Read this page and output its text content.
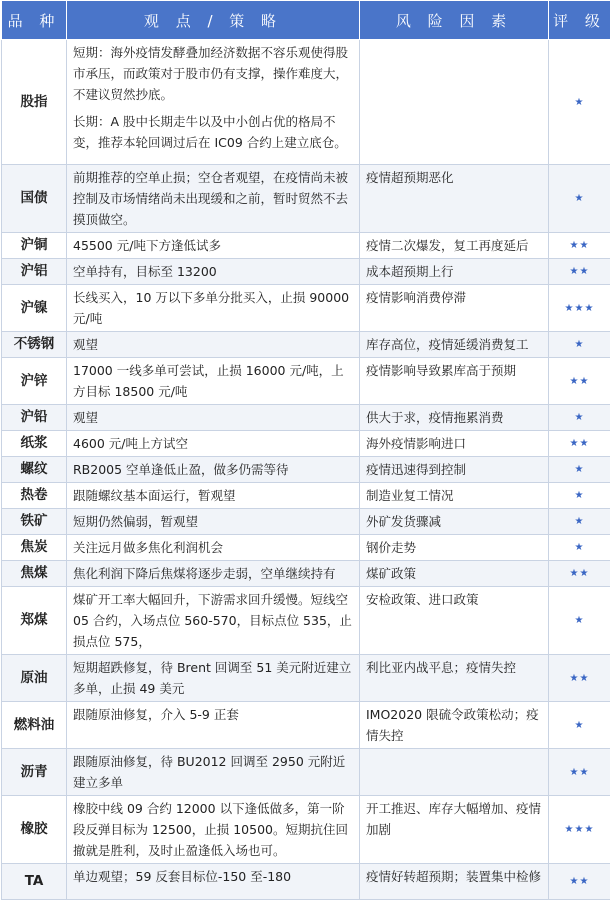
品 种	观 点 / 策 略	风 险 因 素	评 级
股指	短期：海外疫情发酵叠加经济数据不容乐观使得股市承压，而政策对于股市仍有支撑，操作难度大，不建议贸然抄底。

长期：A 股中长期走牛以及中小创占优的格局不变，推荐本轮回调过后在 IC09 合约上建立底仓。		★
国债	前期推荐的空单止损；空仓者观望，在疫情尚未被控制及市场情绪尚未出现缓和之前，暂时贸然不去摸顶做空。	疫情超预期恶化	★
沪铜	45500 元/吨下方逢低试多	疫情二次爆发，复工再度延后	★★
沪铝	空单持有，目标至 13200	成本超预期上行	★★
沪镍	长线买入，10 万以下多单分批买入，止损 90000 元/吨	疫情影响消费停滞	★★★
不锈钢	观望	库存高位，疫情延缓消费复工	★
沪锌	17000 一线多单可尝试，止损 16000 元/吨，上方目标 18500 元/吨	疫情影响导致累库高于预期	★★
沪铅	观望	供大于求，疫情拖累消费	★
纸浆	4600 元/吨上方试空	海外疫情影响进口	★★
螺纹	RB2005 空单逢低止盈，做多仍需等待	疫情迅速得到控制	★
热卷	跟随螺纹基本面运行，暂观望	制造业复工情况	★
铁矿	短期仍然偏弱，暂观望	外矿发货骤减	★
焦炭	关注远月做多焦化利润机会	钢价走势	★
焦煤	焦化利润下降后焦煤将逐步走弱，空单继续持有	煤矿政策	★★
郑煤	煤矿开工率大幅回升，下游需求回升缓慢。短线空 05 合约，入场点位 560-570，目标点位 535，止损点位 575，	安检政策、进口政策	★
原油	短期超跌修复，待 Brent 回调至 51 美元附近建立多单，止损 49 美元	利比亚内战平息；疫情失控	★★
燃料油	跟随原油修复，介入 5-9 正套	IMO2020 限硫令政策松动；疫情失控	★
沥青	跟随原油修复，待 BU2012 回调至 2950 元附近建立多单		★★
橡胶	橡胶中线 09 合约 12000 以下逢低做多，第一阶段反弹目标为 12500，止损 10500。短期抗住回撤就是胜利，及时止盈逢低入场也可。	开工推迟、库存大幅增加、疫情加剧	★★★
TA	单边观望；59 反套目标位-150 至-180	疫情好转超预期；装置集中检修	★★
